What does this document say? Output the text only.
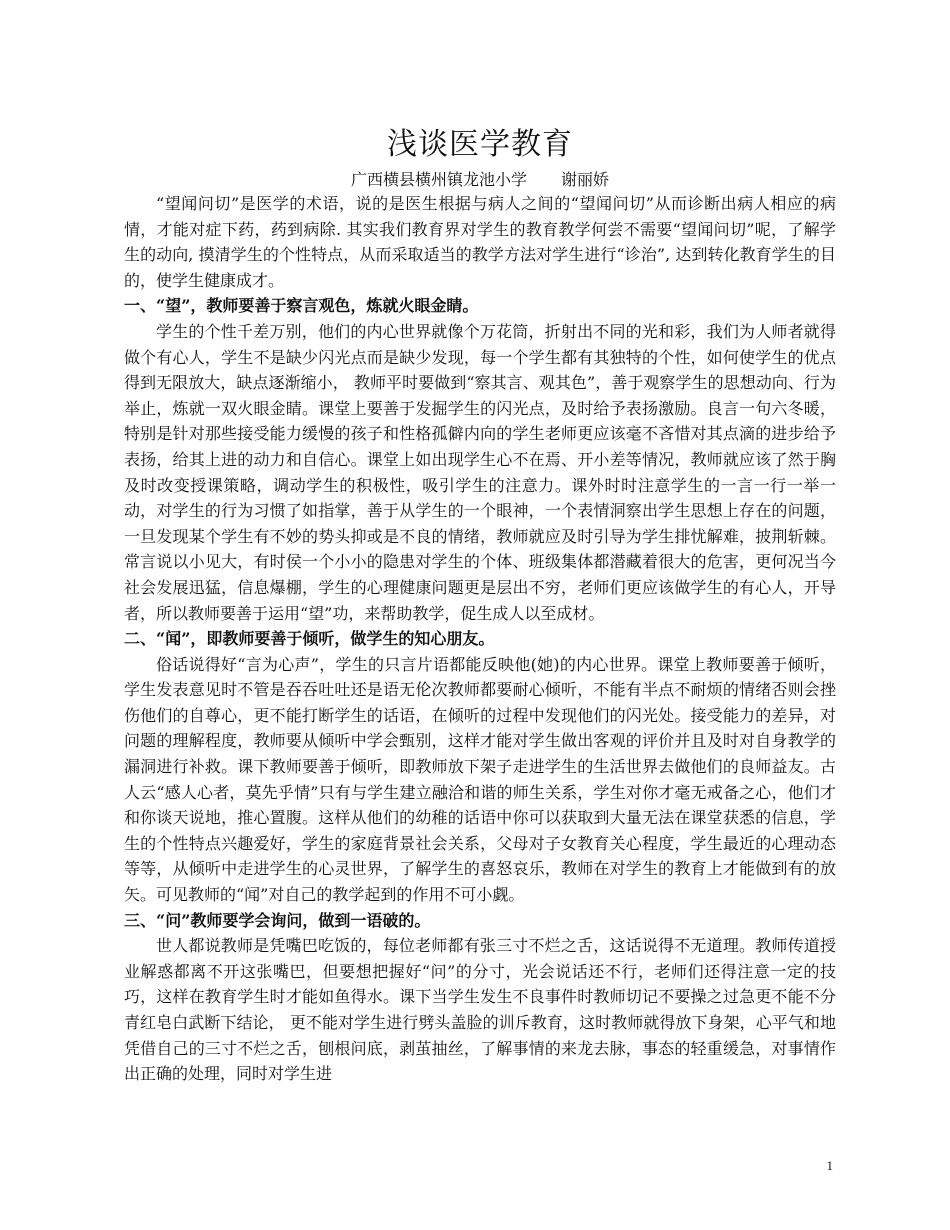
浅谈医学教育
广西横县横州镇龙池小学 谢丽娇

“望闻问切”是医学的术语，说的是医生根据与病人之间的“望闻问切”从而诊断出病人相应的病情，才能对症下药，药到病除. 其实我们教育界对学生的教育教学何尝不需要“望闻问切”呢，了解学生的动向, 摸清学生的个性特点，从而采取适当的教学方法对学生进行“诊治”, 达到转化教育学生的目的，使学生健康成才。

一、“望”，教师要善于察言观色，炼就火眼金睛。

学生的个性千差万别，他们的内心世界就像个万花筒，折射出不同的光和彩，我们为人师者就得做个有心人，学生不是缺少闪光点而是缺少发现，每一个学生都有其独特的个性，如何使学生的优点得到无限放大，缺点逐渐缩小， 教师平时要做到“察其言、观其色”，善于观察学生的思想动向、行为举止，炼就一双火眼金睛。课堂上要善于发掘学生的闪光点，及时给予表扬激励。良言一句六冬暖，特别是针对那些接受能力缓慢的孩子和性格孤僻内向的学生老师更应该毫不吝惜对其点滴的进步给予表扬，给其上进的动力和自信心。课堂上如出现学生心不在焉、开小差等情况，教师就应该了然于胸及时改变授课策略，调动学生的积极性，吸引学生的注意力。课外时时注意学生的一言一行一举一动，对学生的行为习惯了如指掌，善于从学生的一个眼神，一个表情洞察出学生思想上存在的问题，一旦发现某个学生有不妙的势头抑或是不良的情绪，教师就应及时引导为学生排忧解难，披荆斩棘。常言说以小见大，有时侯一个小小的隐患对学生的个体、班级集体都潜藏着很大的危害，更何况当今社会发展迅猛，信息爆棚，学生的心理健康问题更是层出不穷，老师们更应该做学生的有心人，开导者，所以教师要善于运用“望”功，来帮助教学，促生成人以至成材。

二、“闻”，即教师要善于倾听，做学生的知心朋友。

俗话说得好“言为心声”，学生的只言片语都能反映他(她)的内心世界。课堂上教师要善于倾听，学生发表意见时不管是吞吞吐吐还是语无伦次教师都要耐心倾听，不能有半点不耐烦的情绪否则会挫伤他们的自尊心，更不能打断学生的话语，在倾听的过程中发现他们的闪光处。接受能力的差异，对问题的理解程度，教师要从倾听中学会甄别，这样才能对学生做出客观的评价并且及时对自身教学的漏洞进行补救。课下教师要善于倾听，即教师放下架子走进学生的生活世界去做他们的良师益友。古人云“感人心者，莫先乎情”只有与学生建立融洽和谐的师生关系，学生对你才毫无戒备之心，他们才和你谈天说地，推心置腹。这样从他们的幼稚的话语中你可以获取到大量无法在课堂获悉的信息，学生的个性特点兴趣爱好，学生的家庭背景社会关系，父母对子女教育关心程度，学生最近的心理动态等等，从倾听中走进学生的心灵世界，了解学生的喜怒哀乐，教师在对学生的教育上才能做到有的放矢。可见教师的“闻”对自己的教学起到的作用不可小觑。

三、“问”教师要学会询问，做到一语破的。

世人都说教师是凭嘴巴吃饭的，每位老师都有张三寸不烂之舌，这话说得不无道理。教师传道授业解惑都离不开这张嘴巴，但要想把握好“问”的分寸，光会说话还不行，老师们还得注意一定的技巧，这样在教育学生时才能如鱼得水。课下当学生发生不良事件时教师切记不要操之过急更不能不分青红皂白武断下结论， 更不能对学生进行劈头盖脸的训斥教育，这时教师就得放下身架，心平气和地凭借自己的三寸不烂之舌，刨根问底，剥茧抽丝，了解事情的来龙去脉，事态的轻重缓急，对事情作出正确的处理，同时对学生进

1
